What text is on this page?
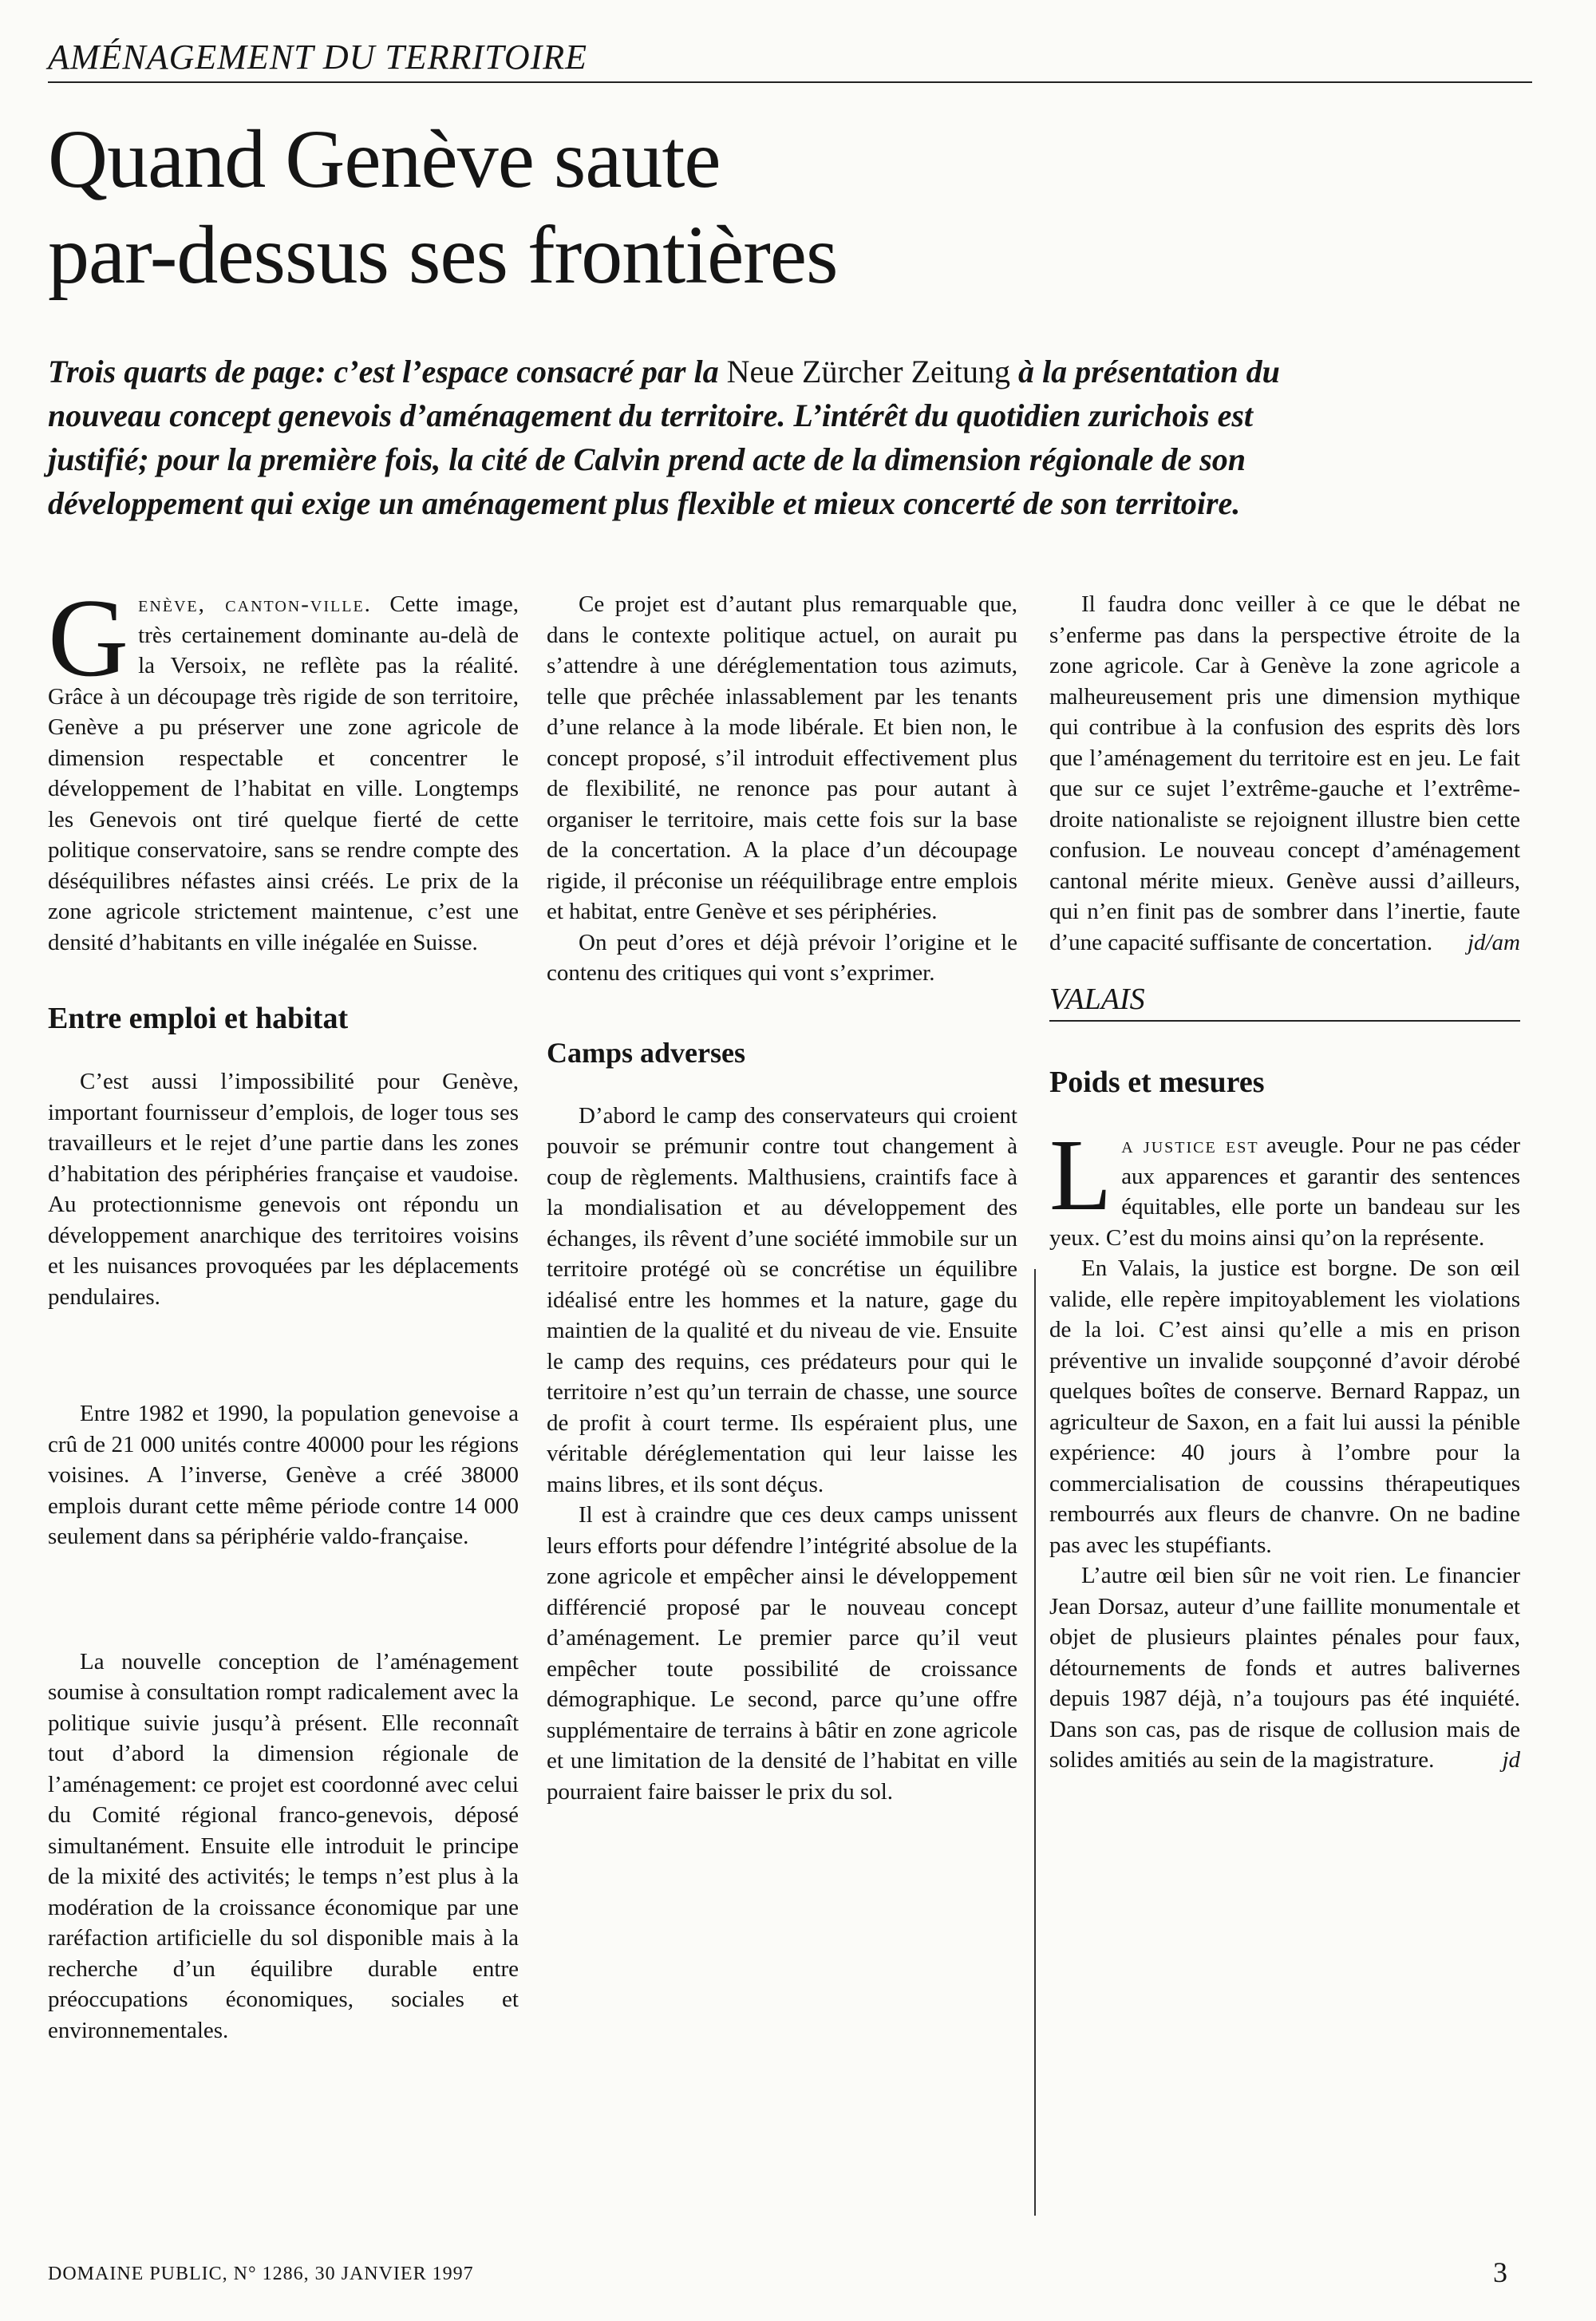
AMÉNAGEMENT DU TERRITOIRE
Quand Genève saute
par-dessus ses frontières

Trois quarts de page: c’est l’espace consacré par la Neue Zürcher Zeitung à la présentation du nouveau concept genevois d’aménagement du territoire. L’intérêt du quotidien zurichois est justifié; pour la première fois, la cité de Calvin prend acte de la dimension régionale de son développement qui exige un aménagement plus flexible et mieux concerté de son territoire.

G enève, canton-ville. Cette image, très certainement dominante au-delà de la Versoix, ne reflète pas la réalité. Grâce à un découpage très rigide de son territoire, Genève a pu préserver une zone agricole de dimension respectable et concentrer le développement de l’habitat en ville. Longtemps les Genevois ont tiré quelque fierté de cette politique conservatoire, sans se rendre compte des déséquilibres néfastes ainsi créés. Le prix de la zone agricole strictement maintenue, c’est une densité d’habitants en ville inégalée en Suisse.

Entre emploi et habitat

C’est aussi l’impossibilité pour Genève, important fournisseur d’emplois, de loger tous ses travailleurs et le rejet d’une partie dans les zones d’habitation des périphéries française et vaudoise. Au protectionnisme genevois ont répondu un développement anarchique des territoires voisins et les nuisances provoquées par les déplacements pendulaires.

Entre 1982 et 1990, la population genevoise a crû de 21 000 unités contre 40000 pour les régions voisines. A l’inverse, Genève a créé 38000 emplois durant cette même période contre 14 000 seulement dans sa périphérie valdo-française.

La nouvelle conception de l’aménagement soumise à consultation rompt radicalement avec la politique suivie jusqu’à présent. Elle reconnaît tout d’abord la dimension régionale de l’aménagement: ce projet est coordonné avec celui du Comité régional franco-genevois, déposé simultanément. Ensuite elle introduit le principe de la mixité des activités; le temps n’est plus à la modération de la croissance économique par une raréfaction artificielle du sol disponible mais à la recherche d’un équilibre durable entre préoccupations économiques, sociales et environnementales.

Ce projet est d’autant plus remarquable que, dans le contexte politique actuel, on aurait pu s’attendre à une déréglementation tous azimuts, telle que prêchée inlassablement par les tenants d’une relance à la mode libérale. Et bien non, le concept proposé, s’il introduit effectivement plus de flexibilité, ne renonce pas pour autant à organiser le territoire, mais cette fois sur la base de la concertation. A la place d’un découpage rigide, il préconise un rééquilibrage entre emplois et habitat, entre Genève et ses périphéries.

On peut d’ores et déjà prévoir l’origine et le contenu des critiques qui vont s’exprimer.

Camps adverses

D’abord le camp des conservateurs qui croient pouvoir se prémunir contre tout changement à coup de règlements. Malthusiens, craintifs face à la mondialisation et au développement des échanges, ils rêvent d’une société immobile sur un territoire protégé où se concrétise un équilibre idéalisé entre les hommes et la nature, gage du maintien de la qualité et du niveau de vie. Ensuite le camp des requins, ces prédateurs pour qui le territoire n’est qu’un terrain de chasse, une source de profit à court terme. Ils espéraient plus, une véritable déréglementation qui leur laisse les mains libres, et ils sont déçus.

Il est à craindre que ces deux camps unissent leurs efforts pour défendre l’intégrité absolue de la zone agricole et empêcher ainsi le développement différencié proposé par le nouveau concept d’aménagement. Le premier parce qu’il veut empêcher toute possibilité de croissance démographique. Le second, parce qu’une offre supplémentaire de terrains à bâtir en zone agricole et une limitation de la densité de l’habitat en ville pourraient faire baisser le prix du sol.

Il faudra donc veiller à ce que le débat ne s’enferme pas dans la perspective étroite de la zone agricole. Car à Genève la zone agricole a malheureusement pris une dimension mythique qui contribue à la confusion des esprits dès lors que l’aménagement du territoire est en jeu. Le fait que sur ce sujet l’extrême-gauche et l’extrême-droite nationaliste se rejoignent illustre bien cette confusion. Le nouveau concept d’aménagement cantonal mérite mieux. Genève aussi d’ailleurs, qui n’en finit pas de sombrer dans l’inertie, faute d’une capacité suffisante de concertation.	jd/am

VALAIS
Poids et mesures

L a justice est aveugle. Pour ne pas céder aux apparences et garantir des sentences équitables, elle porte un bandeau sur les yeux. C’est du moins ainsi qu’on la représente.

En Valais, la justice est borgne. De son œil valide, elle repère impitoyablement les violations de la loi. C’est ainsi qu’elle a mis en prison préventive un invalide soupçonné d’avoir dérobé quelques boîtes de conserve. Bernard Rappaz, un agriculteur de Saxon, en a fait lui aussi la pénible expérience: 40 jours à l’ombre pour la commercialisation de coussins thérapeutiques rembourrés aux fleurs de chanvre. On ne badine pas avec les stupéfiants.

L’autre œil bien sûr ne voit rien. Le financier Jean Dorsaz, auteur d’une faillite monumentale et objet de plusieurs plaintes pénales pour faux, détournements de fonds et autres balivernes depuis 1987 déjà, n’a toujours pas été inquiété. Dans son cas, pas de risque de collusion mais de solides amitiés au sein de la magistrature.	jd

DOMAINE PUBLIC, N° 1286, 30 JANVIER 1997	3
